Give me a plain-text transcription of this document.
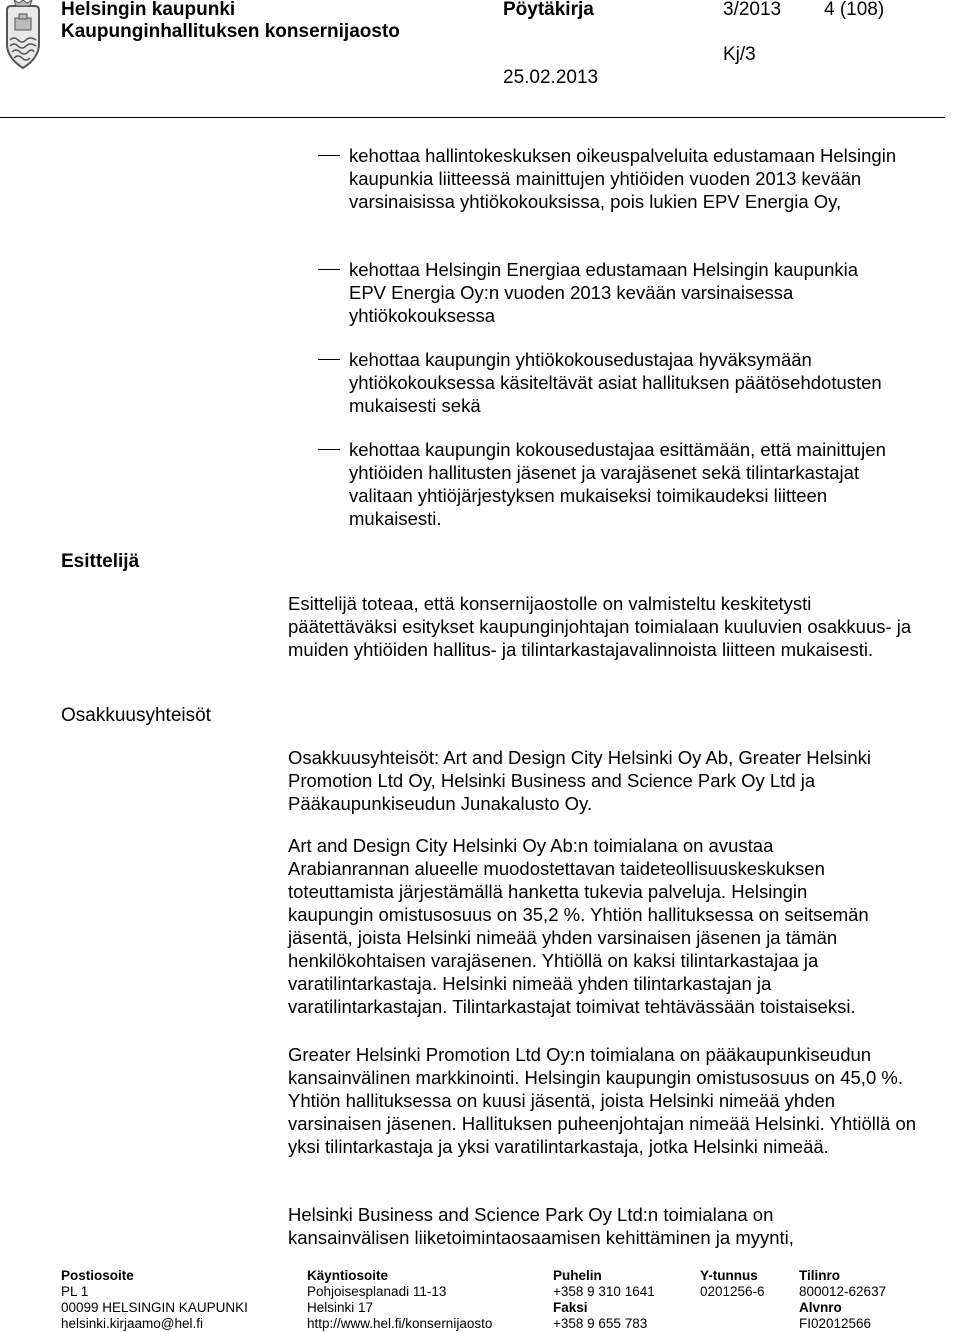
Helsingin kaupunki
Kaupunginhallituksen konsernijaosto
Pöytäkirja	3/2013 4 (108)
Kj/3
25.02.2013
kehottaa hallintokeskuksen oikeuspalveluita edustamaan Helsingin kaupunkia liitteessä mainittujen yhtiöiden vuoden 2013 kevään varsinaisissa yhtiökokouksissa, pois lukien EPV Energia Oy,
kehottaa Helsingin Energiaa edustamaan Helsingin kaupunkia EPV Energia Oy:n vuoden 2013 kevään varsinaisessa yhtiökokouksessa
kehottaa kaupungin yhtiökokousedustajaa hyväksymään yhtiökokouksessa käsiteltävät asiat hallituksen päätösehdotusten mukaisesti sekä
kehottaa kaupungin kokousedustajaa esittämään, että mainittujen yhtiöiden hallitusten jäsenet ja varajäsenet sekä tilintarkastajat valitaan yhtiöjärjestyksen mukaiseksi toimikaudeksi liitteen mukaisesti.
Esittelijä
Osakkuusyhteisöt
Esittelijä toteaa, että konsernijaostolle on valmisteltu keskitetysti päätettäväksi esitykset kaupunginjohtajan toimialaan kuuluvien osakkuus- ja muiden yhtiöiden hallitus- ja tilintarkastajavalinnoista liitteen mukaisesti.
Osakkuusyhteisöt: Art and Design City Helsinki Oy Ab, Greater Helsinki Promotion Ltd Oy, Helsinki Business and Science Park Oy Ltd ja Pääkaupunkiseudun Junakalusto Oy.
Art and Design City Helsinki Oy Ab:n toimialana on avustaa Arabianrannan alueelle muodostettavan taideteollisuuskeskuksen toteuttamista järjestämällä hanketta tukevia palveluja. Helsingin kaupungin omistusosuus on 35,2 %. Yhtiön hallituksessa on seitsemän jäsentä, joista Helsinki nimeää yhden varsinaisen jäsenen ja tämän henkilökohtaisen varajäsenen. Yhtiöllä on kaksi tilintarkastajaa ja varatilintarkastaja. Helsinki nimeää yhden tilintarkastajan ja varatilintarkastajan. Tilintarkastajat toimivat tehtävässään toistaiseksi.
Greater Helsinki Promotion Ltd Oy:n toimialana on pääkaupunkiseudun kansainvälinen markkinointi. Helsingin kaupungin omistusosuus on 45,0 %. Yhtiön hallituksessa on kuusi jäsentä, joista Helsinki nimeää yhden varsinaisen jäsenen. Hallituksen puheenjohtajan nimeää Helsinki. Yhtiöllä on yksi tilintarkastaja ja yksi varatilintarkastaja, jotka Helsinki nimeää.
Helsinki Business and Science Park Oy Ltd:n toimialana on kansainvälisen liiketoimintaosaamisen kehittäminen ja myynti,
Postiosoite
PL 1
00099 HELSINGIN KAUPUNKI
helsinki.kirjaamo@hel.fi
Käyntiosoite
Pohjoisesplanadi 11-13
Helsinki 17
http://www.hel.fi/konsernijaosto
Puhelin
+358 9 310 1641
Faksi
+358 9 655 783
Y-tunnus
0201256-6
Tilinro
800012-62637
Alvnro
FI02012566
